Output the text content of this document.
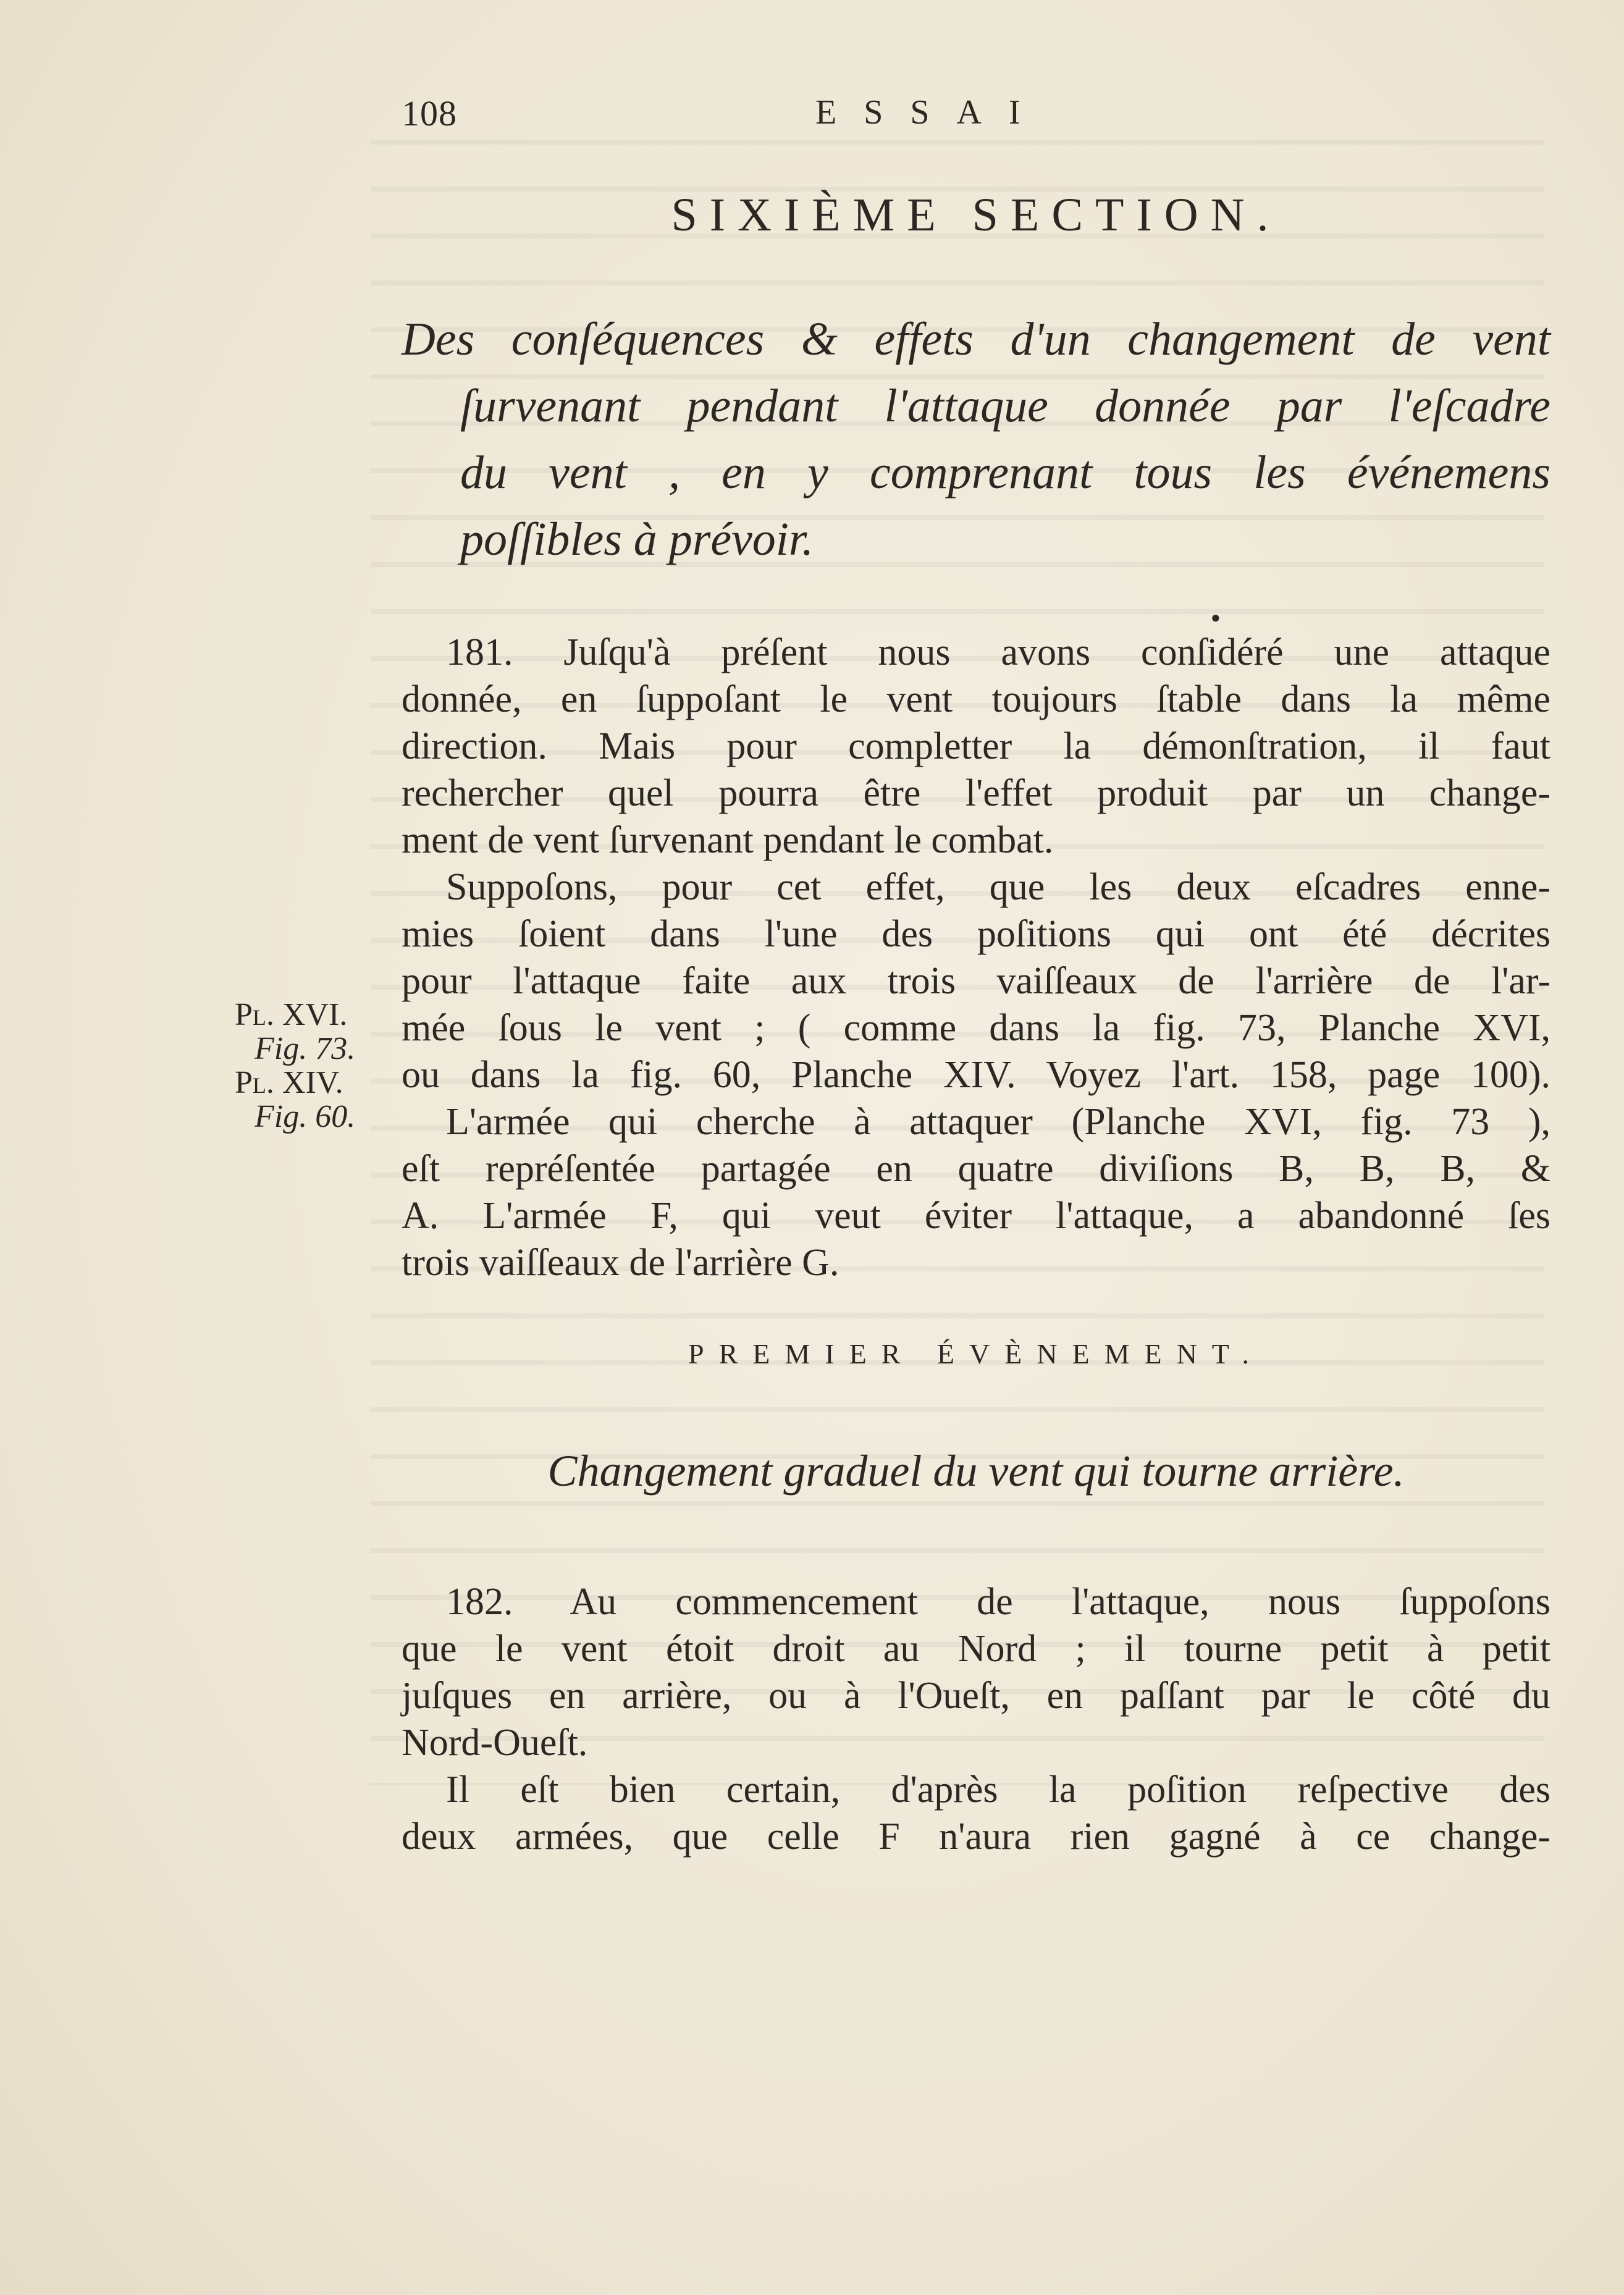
108	ESSAI
SIXIÈME SECTION.
Des conſéquences & effets d'un changement de vent
ſurvenant pendant l'attaque donnée par l'eſcadre
du vent , en y comprenant tous les événemens
poſſibles à prévoir.
●
181. Juſqu'à préſent nous avons conſidéré une attaque
donnée, en ſuppoſant le vent toujours ſtable dans la même
direction. Mais pour completter la démonſtration, il faut
rechercher quel pourra être l'effet produit par un change-
ment de vent ſurvenant pendant le combat.
Suppoſons, pour cet effet, que les deux eſcadres enne-
mies ſoient dans l'une des poſitions qui ont été décrites
pour l'attaque faite aux trois vaiſſeaux de l'arrière de l'ar-
mée ſous le vent ; ( comme dans la fig. 73, Planche XVI,
ou dans la fig. 60, Planche XIV. Voyez l'art. 158, page 100).
L'armée qui cherche à attaquer (Planche XVI, fig. 73 ),
eſt repréſentée partagée en quatre diviſions B, B, B, &
A. L'armée F, qui veut éviter l'attaque, a abandonné ſes
trois vaiſſeaux de l'arrière G.
Pl. XVI.
Fig. 73.
Pl. XIV.
Fig. 60.
PREMIER ÉVÈNEMENT.
Changement graduel du vent qui tourne arrière.
182. Au commencement de l'attaque, nous ſuppoſons
que le vent étoit droit au Nord ; il tourne petit à petit
juſques en arrière, ou à l'Oueſt, en paſſant par le côté du
Nord-Oueſt.
Il eſt bien certain, d'après la poſition reſpective des
deux armées, que celle F n'aura rien gagné à ce change-
